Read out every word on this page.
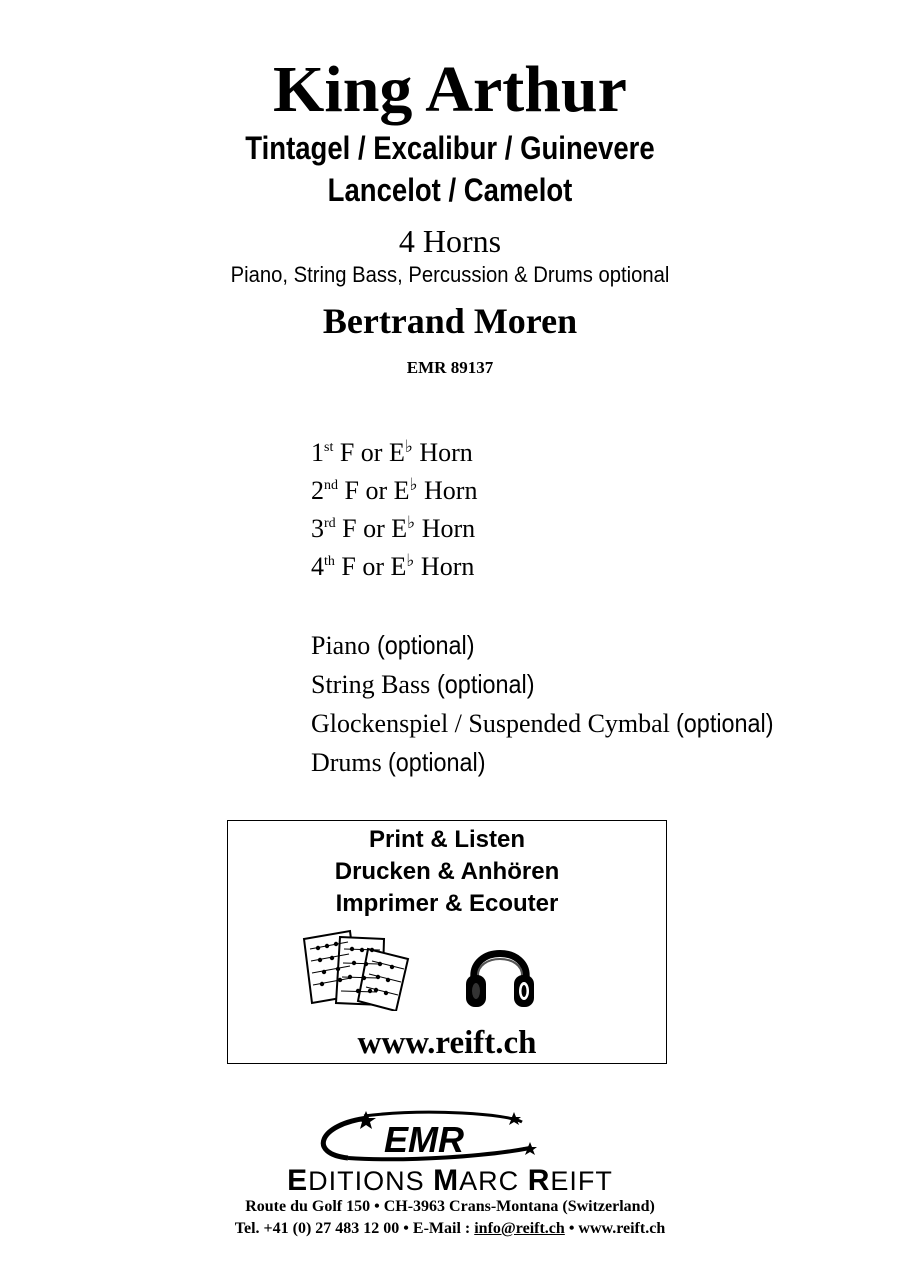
King Arthur
Tintagel / Excalibur / Guinevere
Lancelot / Camelot
4 Horns
Piano, String Bass, Percussion & Drums optional
Bertrand Moren
EMR 89137
1st F or E♭ Horn
2nd F or E♭ Horn
3rd F or E♭ Horn
4th F or E♭ Horn
Piano (optional)
String Bass (optional)
Glockenspiel / Suspended Cymbal (optional)
Drums (optional)
Print & Listen
Drucken & Anhören
Imprimer & Ecouter
www.reift.ch
EMR
EDITIONS MARC REIFT
Route du Golf 150 • CH-3963 Crans-Montana (Switzerland)
Tel. +41 (0) 27 483 12 00 • E-Mail : info@reift.ch • www.reift.ch
